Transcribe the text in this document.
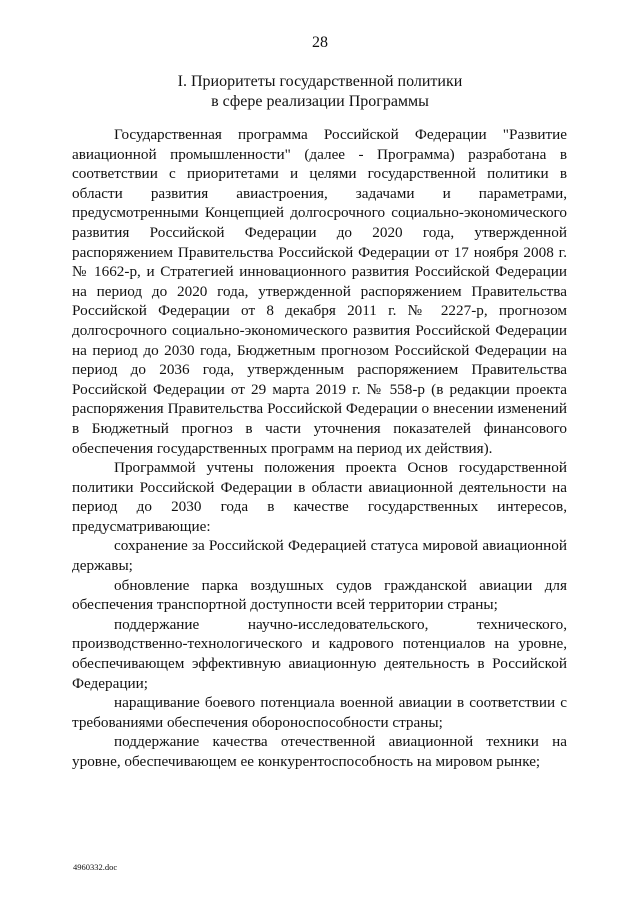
28
I. Приоритеты государственной политики
в сфере реализации Программы

Государственная программа Российской Федерации "Развитие авиационной промышленности" (далее - Программа) разработана в соответствии с приоритетами и целями государственной политики в области развития авиастроения, задачами и параметрами, предусмотренными Концепцией долгосрочного социально-экономического развития Российской Федерации до 2020 года, утвержденной распоряжением Правительства Российской Федерации от 17 ноября 2008 г. № 1662-р, и Стратегией инновационного развития Российской Федерации на период до 2020 года, утвержденной распоряжением Правительства Российской Федерации от 8 декабря 2011 г. № 2227-р, прогнозом долгосрочного социально-экономического развития Российской Федерации на период до 2030 года, Бюджетным прогнозом Российской Федерации на период до 2036 года, утвержденным распоряжением Правительства Российской Федерации от 29 марта 2019 г. № 558-р (в редакции проекта распоряжения Правительства Российской Федерации о внесении изменений в Бюджетный прогноз в части уточнения показателей финансового обеспечения государственных программ на период их действия).

Программой учтены положения проекта Основ государственной политики Российской Федерации в области авиационной деятельности на период до 2030 года в качестве государственных интересов, предусматривающие:

сохранение за Российской Федерацией статуса мировой авиационной державы;

обновление парка воздушных судов гражданской авиации для обеспечения транспортной доступности всей территории страны;

поддержание научно-исследовательского, технического, производственно-технологического и кадрового потенциалов на уровне, обеспечивающем эффективную авиационную деятельность в Российской Федерации;

наращивание боевого потенциала военной авиации в соответствии с требованиями обеспечения обороноспособности страны;

поддержание качества отечественной авиационной техники на уровне, обеспечивающем ее конкурентоспособность на мировом рынке;

4960332.doc
